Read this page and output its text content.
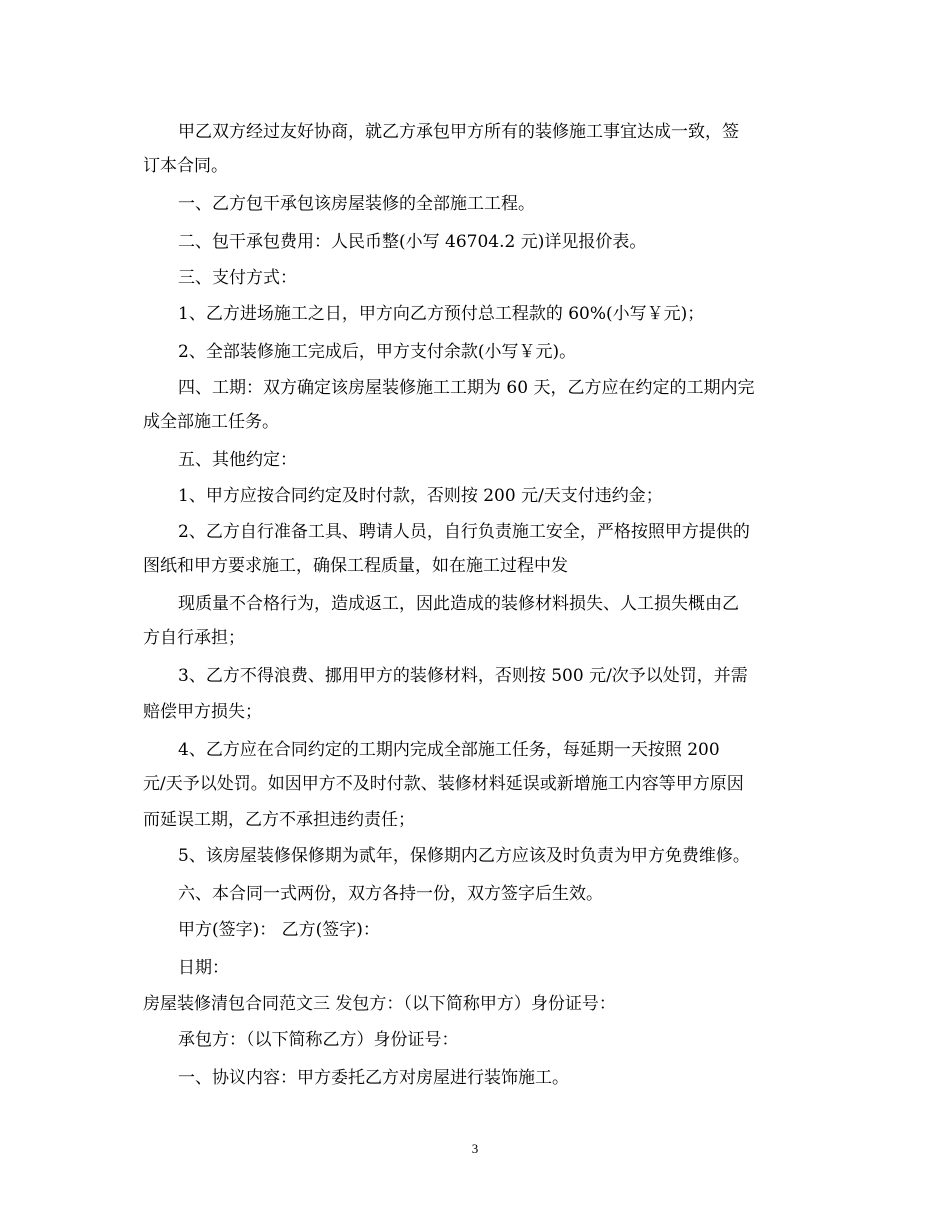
甲乙双方经过友好协商，就乙方承包甲方所有的装修施工事宜达成一致，签
订本合同。
一、乙方包干承包该房屋装修的全部施工工程。
二、包干承包费用：人民币整(小写 46704.2 元)详见报价表。
三、支付方式：
1、乙方进场施工之日，甲方向乙方预付总工程款的 60%(小写￥元)；
2、全部装修施工完成后，甲方支付余款(小写￥元)。
四、工期：双方确定该房屋装修施工工期为 60 天，乙方应在约定的工期内完
成全部施工任务。
五、其他约定：
1、甲方应按合同约定及时付款，否则按 200 元/天支付违约金；
2、乙方自行准备工具、聘请人员，自行负责施工安全，严格按照甲方提供的
图纸和甲方要求施工，确保工程质量，如在施工过程中发
现质量不合格行为，造成返工，因此造成的装修材料损失、人工损失概由乙
方自行承担；
3、乙方不得浪费、挪用甲方的装修材料，否则按 500 元/次予以处罚，并需
赔偿甲方损失；
4、乙方应在合同约定的工期内完成全部施工任务，每延期一天按照 200
元/天予以处罚。如因甲方不及时付款、装修材料延误或新增施工内容等甲方原因
而延误工期，乙方不承担违约责任；
5、该房屋装修保修期为贰年，保修期内乙方应该及时负责为甲方免费维修。
六、本合同一式两份，双方各持一份，双方签字后生效。
甲方(签字)： 乙方(签字)：
日期：
房屋装修清包合同范文三 发包方：（以下简称甲方）身份证号：
承包方：（以下简称乙方）身份证号：
一、协议内容：甲方委托乙方对房屋进行装饰施工。
3
